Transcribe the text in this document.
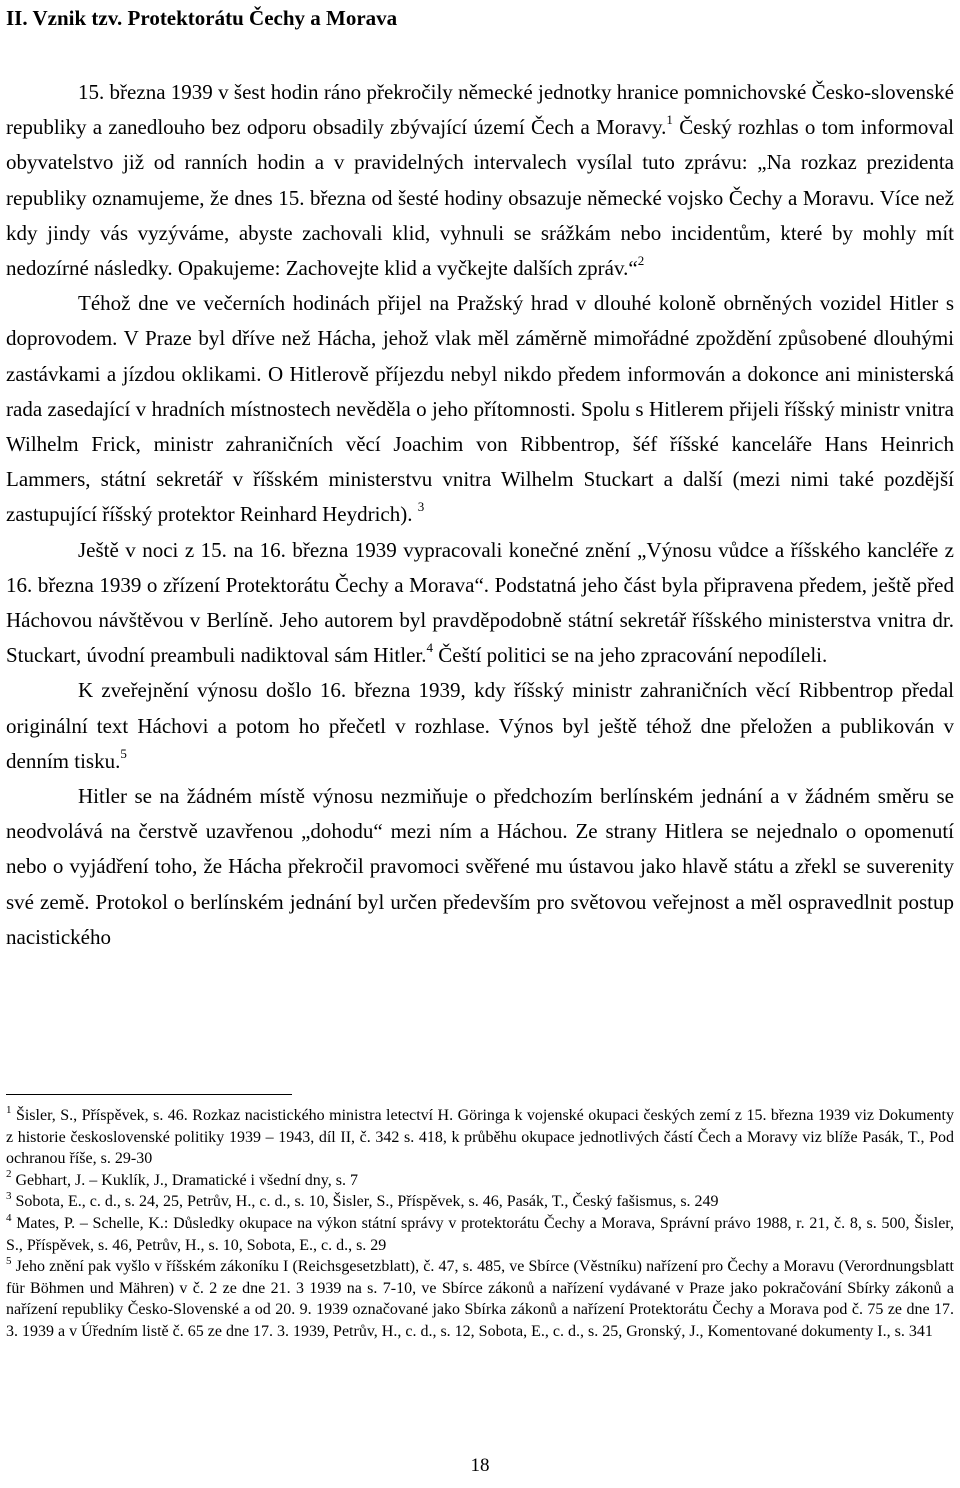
II. Vznik tzv. Protektorátu Čechy a Morava

15. března 1939 v šest hodin ráno překročily německé jednotky hranice pomnichovské Česko-slovenské republiky a zanedlouho bez odporu obsadily zbývající území Čech a Moravy.$^1$ Český rozhlas o tom informoval obyvatelstvo již od ranních hodin a v pravidelných intervalech vysílal tuto zprávu: „Na rozkaz prezidenta republiky oznamujeme, že dnes 15. března od šesté hodiny obsazuje německé vojsko Čechy a Moravu. Více než kdy jindy vás vyzýváme, abyste zachovali klid, vyhnuli se srážkám nebo incidentům, které by mohly mít nedozírné následky. Opakujeme: Zachovejte klid a vyčkejte dalších zpráv.“$^2$

Téhož dne ve večerních hodinách přijel na Pražský hrad v dlouhé koloně obrněných vozidel Hitler s doprovodem. V Praze byl dříve než Hácha, jehož vlak měl záměrně mimořádné zpoždění způsobené dlouhými zastávkami a jízdou oklikami. O Hitlerově příjezdu nebyl nikdo předem informován a dokonce ani ministerská rada zasedající v hradních místnostech nevěděla o jeho přítomnosti. Spolu s Hitlerem přijeli říšský ministr vnitra Wilhelm Frick, ministr zahraničních věcí Joachim von Ribbentrop, šéf říšské kanceláře Hans Heinrich Lammers, státní sekretář v říšském ministerstvu vnitra Wilhelm Stuckart a další (mezi nimi také pozdější zastupující říšský protektor Reinhard Heydrich). $^3$

Ještě v noci z 15. na 16. března 1939 vypracovali konečné znění „Výnosu vůdce a říšského kancléře z 16. března 1939 o zřízení Protektorátu Čechy a Morava“. Podstatná jeho část byla připravena předem, ještě před Háchovou návštěvou v Berlíně. Jeho autorem byl pravděpodobně státní sekretář říšského ministerstva vnitra dr. Stuckart, úvodní preambuli nadiktoval sám Hitler.$^4$ Čeští politici se na jeho zpracování nepodíleli.

K zveřejnění výnosu došlo 16. března 1939, kdy říšský ministr zahraničních věcí Ribbentrop předal originální text Háchovi a potom ho přečetl v rozhlase. Výnos byl ještě téhož dne přeložen a publikován v denním tisku.$^5$

Hitler se na žádném místě výnosu nezmiňuje o předchozím berlínském jednání a v žádném směru se neodvolává na čerstvě uzavřenou „dohodu“ mezi ním a Háchou. Ze strany Hitlera se nejednalo o opomenutí nebo o vyjádření toho, že Hácha překročil pravomoci svěřené mu ústavou jako hlavě státu a zřekl se suverenity své země. Protokol o berlínském jednání byl určen především pro světovou veřejnost a měl ospravedlnit postup nacistického

$^1$ Šisler, S., Příspěvek, s. 46. Rozkaz nacistického ministra letectví H. Göringa k vojenské okupaci českých zemí z 15. března 1939 viz Dokumenty z historie československé politiky 1939 – 1943, díl II, č. 342 s. 418, k průběhu okupace jednotlivých částí Čech a Moravy viz blíže Pasák, T., Pod ochranou říše, s. 29-30

$^2$ Gebhart, J. – Kuklík, J., Dramatické i všední dny, s. 7

$^3$ Sobota, E., c. d., s. 24, 25, Petrův, H., c. d., s. 10, Šisler, S., Příspěvek, s. 46, Pasák, T., Český fašismus, s. 249

$^4$ Mates, P. – Schelle, K.: Důsledky okupace na výkon státní správy v protektorátu Čechy a Morava, Správní právo 1988, r. 21, č. 8, s. 500, Šisler, S., Příspěvek, s. 46, Petrův, H., s. 10, Sobota, E., c. d., s. 29

$^5$ Jeho znění pak vyšlo v říšském zákoníku I (Reichsgesetzblatt), č. 47, s. 485, ve Sbírce (Věstníku) nařízení pro Čechy a Moravu (Verordnungsblatt für Böhmen und Mähren) v č. 2 ze dne 21. 3 1939 na s. 7-10, ve Sbírce zákonů a nařízení vydávané v Praze jako pokračování Sbírky zákonů a nařízení republiky Česko-Slovenské a od 20. 9. 1939 označované jako Sbírka zákonů a nařízení Protektorátu Čechy a Morava pod č. 75 ze dne 17. 3. 1939 a v Úředním listě č. 65 ze dne 17. 3. 1939, Petrův, H., c. d., s. 12, Sobota, E., c. d., s. 25, Gronský, J., Komentované dokumenty I., s. 341

18
